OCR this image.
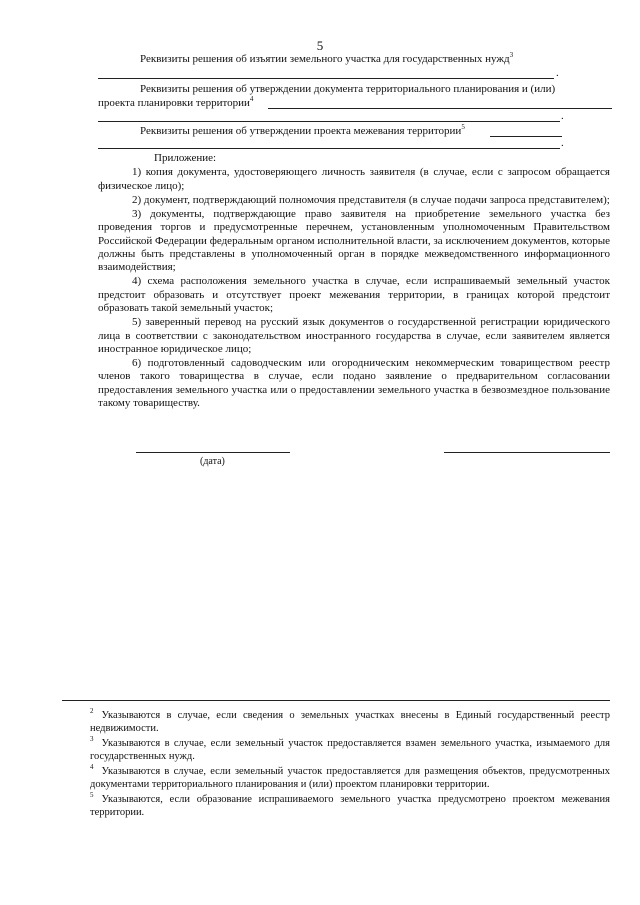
5
Реквизиты решения об изъятии земельного участка для государственных нужд$^3$
.
Реквизиты решения об утверждении документа территориального планирования и (или)
проекта планировки территории$^4$
.
Реквизиты решения об утверждении проекта межевания территории$^5$
.

Приложение:

1) копия документа, удостоверяющего личность заявителя (в случае, если с запросом обращается физическое лицо);

2) документ, подтверждающий полномочия представителя (в случае подачи запроса представителем);

3) документы, подтверждающие право заявителя на приобретение земельного участка без проведения торгов и предусмотренные перечнем, установленным уполномоченным Правительством Российской Федерации федеральным органом исполнительной власти, за исключением документов, которые должны быть представлены в уполномоченный орган в порядке межведомственного информационного взаимодействия;

4) схема расположения земельного участка в случае, если испрашиваемый земельный участок предстоит образовать и отсутствует проект межевания территории, в границах которой предстоит образовать такой земельный участок;

5) заверенный перевод на русский язык документов о государственной регистрации юридического лица в соответствии с законодательством иностранного государства в случае, если заявителем является иностранное юридическое лицо;

6) подготовленный садоводческим или огородническим некоммерческим товариществом реестр членов такого товарищества в случае, если подано заявление о предварительном согласовании предоставления земельного участка или о предоставлении земельного участка в безвозмездное пользование такому товариществу.

(дата)
$^2$ Указываются в случае, если сведения о земельных участках внесены в Единый государственный реестр недвижимости.
$^3$ Указываются в случае, если земельный участок предоставляется взамен земельного участка, изымаемого для государственных нужд.
$^4$ Указываются в случае, если земельный участок предоставляется для размещения объектов, предусмотренных документами территориального планирования и (или) проектом планировки территории.
$^5$ Указываются, если образование испрашиваемого земельного участка предусмотрено проектом межевания территории.
